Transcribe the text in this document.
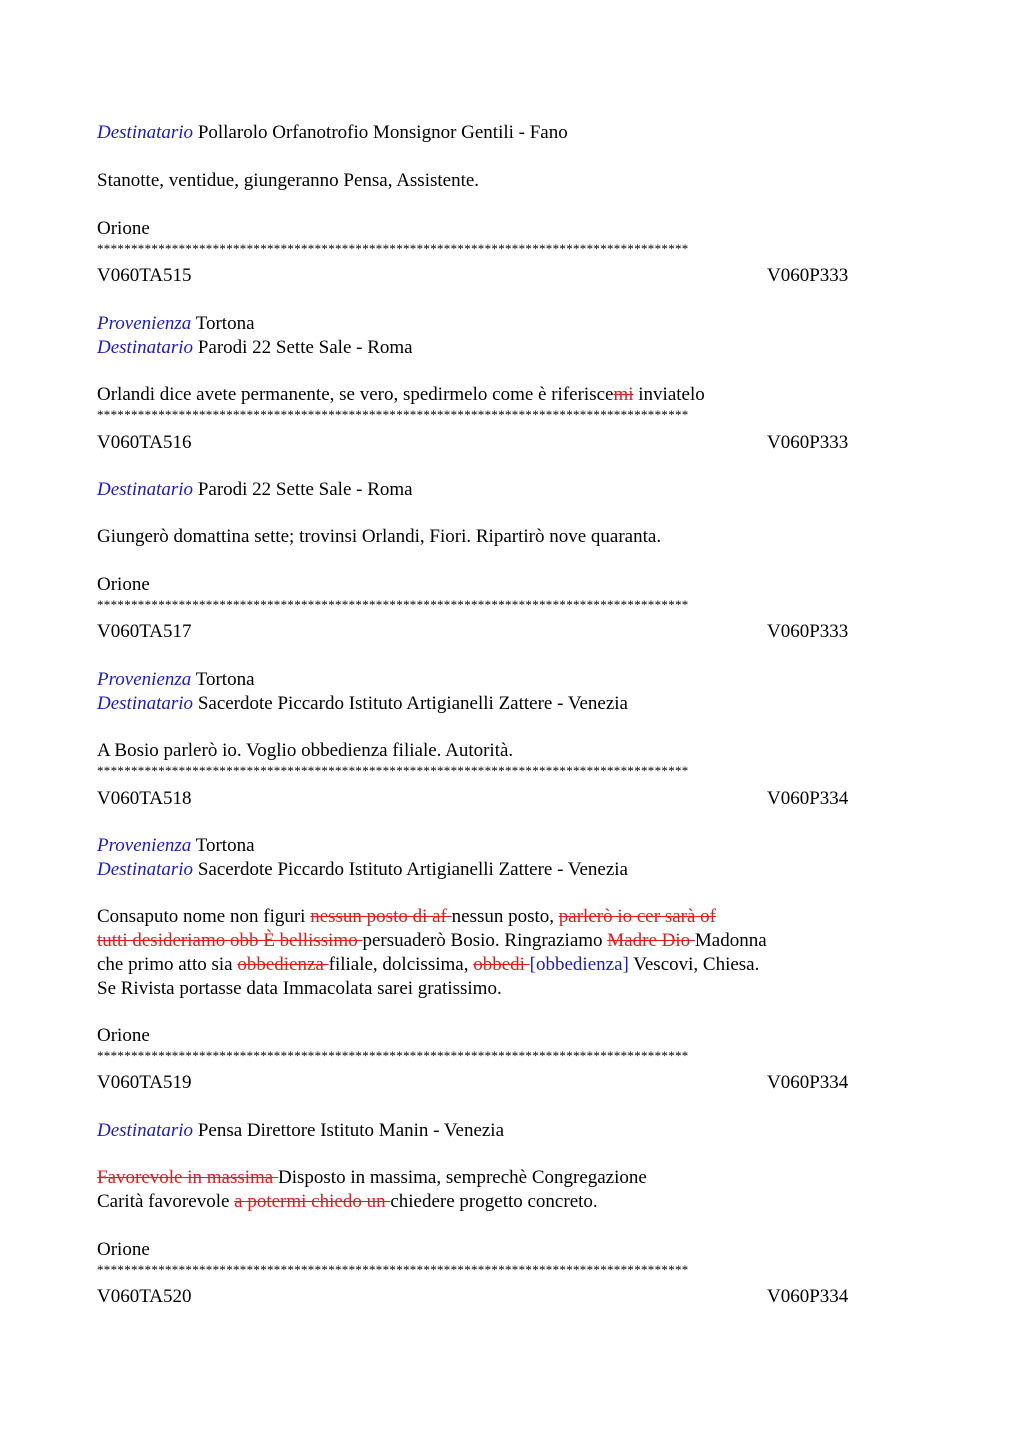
Destinatario Pollarolo Orfanotrofio Monsignor Gentili - Fano
Stanotte, ventidue, giungeranno Pensa, Assistente.
Orione
***************************************************************************************
V060TA515	V060P333
Provenienza Tortona
Destinatario Parodi 22 Sette Sale - Roma
Orlandi dice avete permanente, se vero, spedirmelo come è riferiscemi inviatelo
***************************************************************************************
V060TA516	V060P333
Destinatario Parodi 22 Sette Sale - Roma
Giungerò domattina sette; trovinsi Orlandi, Fiori. Ripartirò nove quaranta.
Orione
***************************************************************************************
V060TA517	V060P333
Provenienza Tortona
Destinatario Sacerdote Piccardo Istituto Artigianelli Zattere - Venezia
A Bosio parlerò io. Voglio obbedienza filiale. Autorità.
***************************************************************************************
V060TA518	V060P334
Provenienza Tortona
Destinatario Sacerdote Piccardo Istituto Artigianelli Zattere - Venezia
Consaputo nome non figuri nessun posto di af nessun posto, parlerò io cer sarà of
tutti desideriamo obb È bellissimo persuaderò Bosio. Ringraziamo Madre Dio Madonna
che primo atto sia obbedienza filiale, dolcissima, obbedi [obbedienza] Vescovi, Chiesa.
Se Rivista portasse data Immacolata sarei gratissimo.
Orione
***************************************************************************************
V060TA519	V060P334
Destinatario Pensa Direttore Istituto Manin - Venezia
Favorevole in massima Disposto in massima, semprechè Congregazione
Carità favorevole a potermi chiedo un chiedere progetto concreto.
Orione
***************************************************************************************
V060TA520	V060P334
